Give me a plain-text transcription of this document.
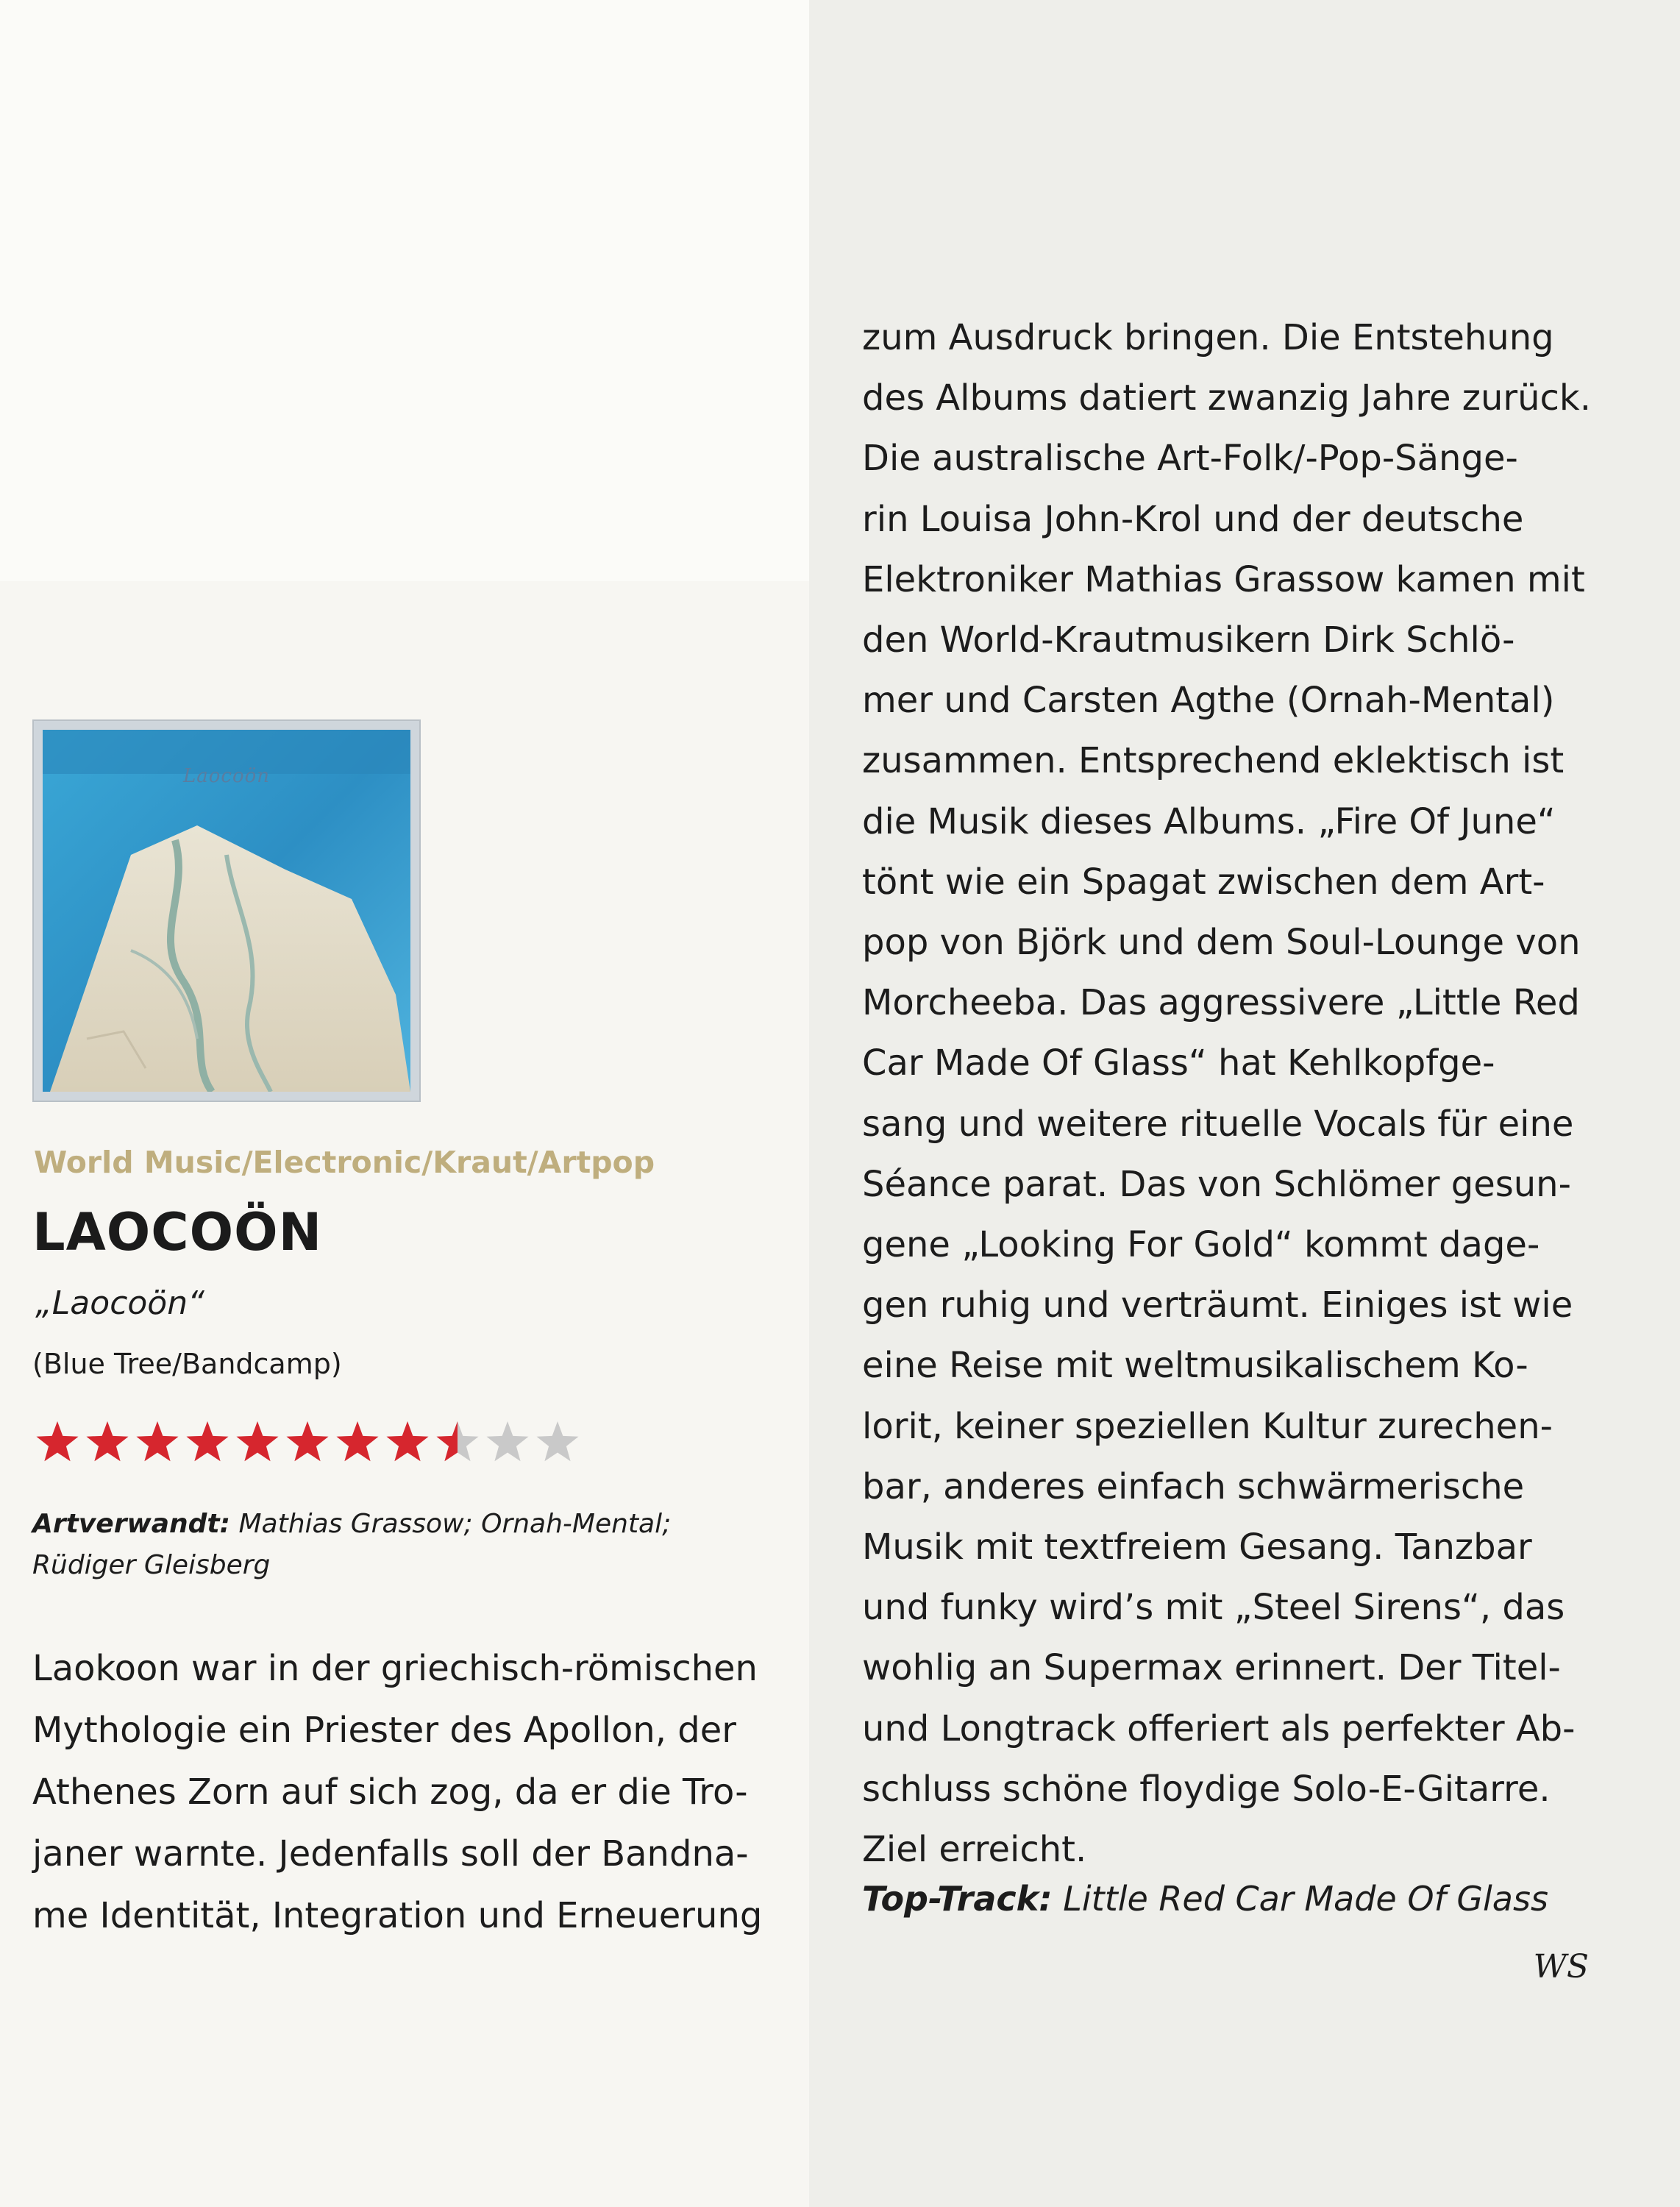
Laocoön
World Music/Electronic/Kraut/Artpop
LAOCOÖN
„Laocoön“
(Blue Tree/Bandcamp)
Artverwandt: Mathias Grassow; Ornah-Mental;
Rüdiger Gleisberg
Laokoon war in der griechisch-römischen
Mythologie ein Priester des Apollon, der
Athenes Zorn auf sich zog, da er die Tro-
janer warnte. Jedenfalls soll der Bandna-
me Identität, Integration und Erneuerung
zum Ausdruck bringen. Die Entstehung
des Albums datiert zwanzig Jahre zurück.
Die australische Art-Folk/-Pop-Sänge-
rin Louisa John-Krol und der deutsche
Elektroniker Mathias Grassow kamen mit
den World-Krautmusikern Dirk Schlö-
mer und Carsten Agthe (Ornah-Mental)
zusammen. Entsprechend eklektisch ist
die Musik dieses Albums. „Fire Of June“
tönt wie ein Spagat zwischen dem Art-
pop von Björk und dem Soul-Lounge von
Morcheeba. Das aggressivere „Little Red
Car Made Of Glass“ hat Kehlkopfge-
sang und weitere rituelle Vocals für eine
Séance parat. Das von Schlömer gesun-
gene „Looking For Gold“ kommt dage-
gen ruhig und verträumt. Einiges ist wie
eine Reise mit weltmusikalischem Ko-
lorit, keiner speziellen Kultur zurechen-
bar, anderes einfach schwärmerische
Musik mit textfreiem Gesang. Tanzbar
und funky wird’s mit „Steel Sirens“, das
wohlig an Supermax erinnert. Der Titel-
und Longtrack offeriert als perfekter Ab-
schluss schöne floydige Solo-E-Gitarre.
Ziel erreicht.
Top-Track: Little Red Car Made Of Glass
WS
